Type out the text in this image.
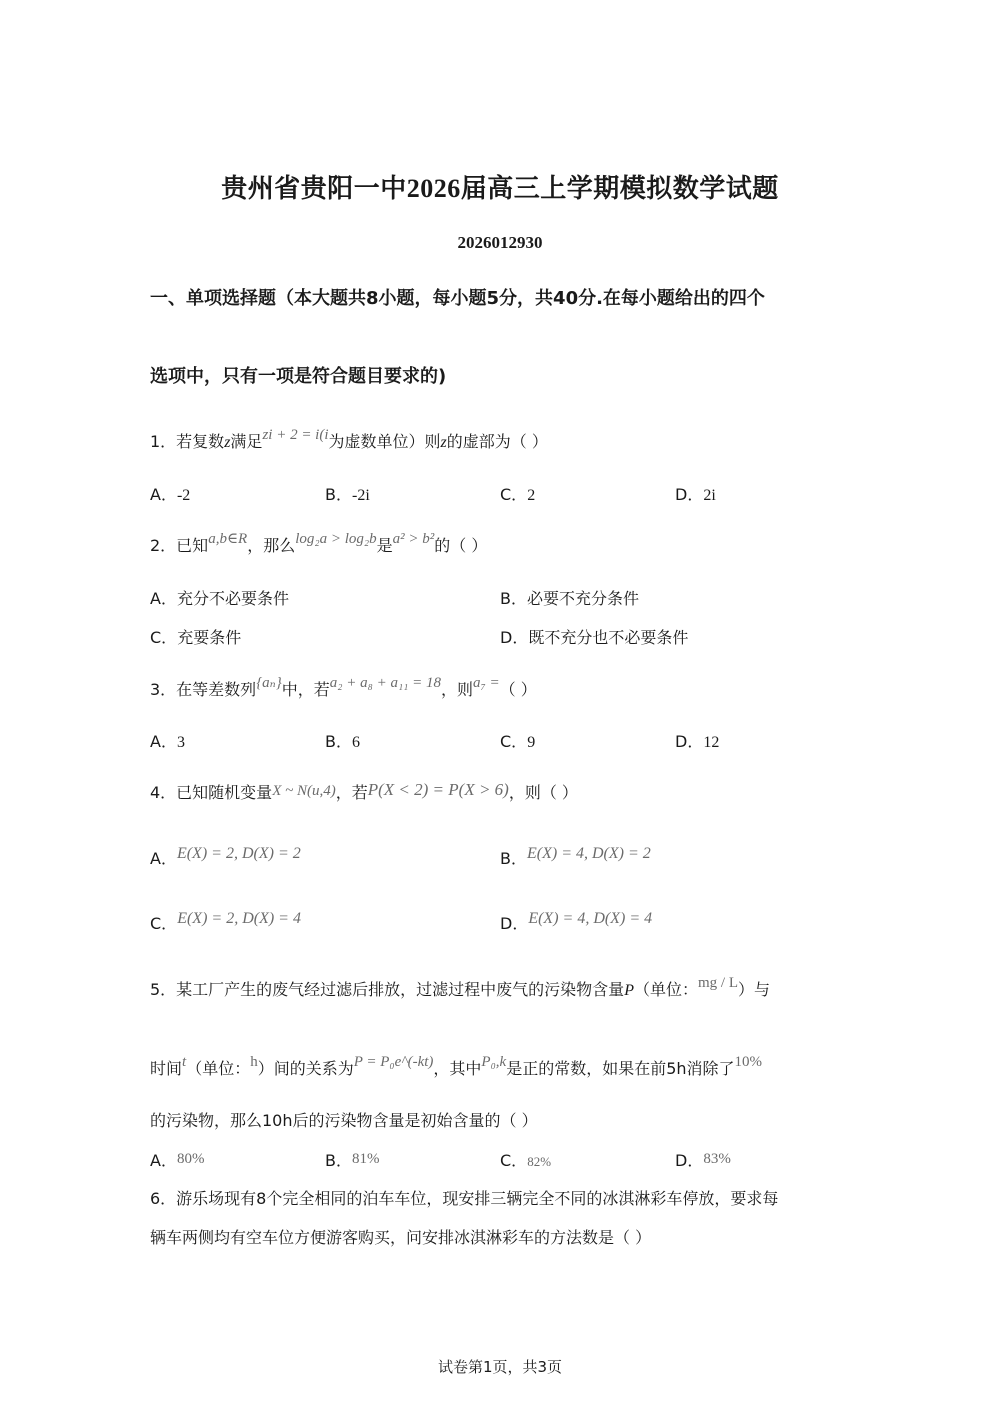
贵州省贵阳一中2026届高三上学期模拟数学试题
2026012930
一、单项选择题（本大题共8小题，每小题5分，共40分.在每小题给出的四个
选项中，只有一项是符合题目要求的)
1．若复数z满足zi + 2 = i(i为虚数单位）则z的虚部为（ ）
A．-2	B．-2i	C．2	D．2i
2．已知a,b∈R，那么log₂a > log₂b是a² > b²的（ ）
A．充分不必要条件	B．必要不充分条件
C．充要条件	D．既不充分也不必要条件
3．在等差数列{aₙ}中，若a₂ + a₈ + a₁₁ = 18，则a₇ =（ ）
A．3	B．6	C．9	D．12
4．已知随机变量X ~ N(u,4)，若P(X < 2) = P(X > 6)，则（ ）
A．E(X) = 2, D(X) = 2	B．E(X) = 4, D(X) = 2
C．E(X) = 2, D(X) = 4	D．E(X) = 4, D(X) = 4
5．某工厂产生的废气经过滤后排放，过滤过程中废气的污染物含量P（单位：mg / L）与
时间t（单位：h）间的关系为P = P₀e^(-kt)，其中P₀,k是正的常数，如果在前5h消除了10%
的污染物，那么10h后的污染物含量是初始含量的（ ）
A．80%	B．81%	C．82%	D．83%
6．游乐场现有8个完全相同的泊车车位，现安排三辆完全不同的冰淇淋彩车停放，要求每
辆车两侧均有空车位方便游客购买，问安排冰淇淋彩车的方法数是（ ）
试卷第1页，共3页
